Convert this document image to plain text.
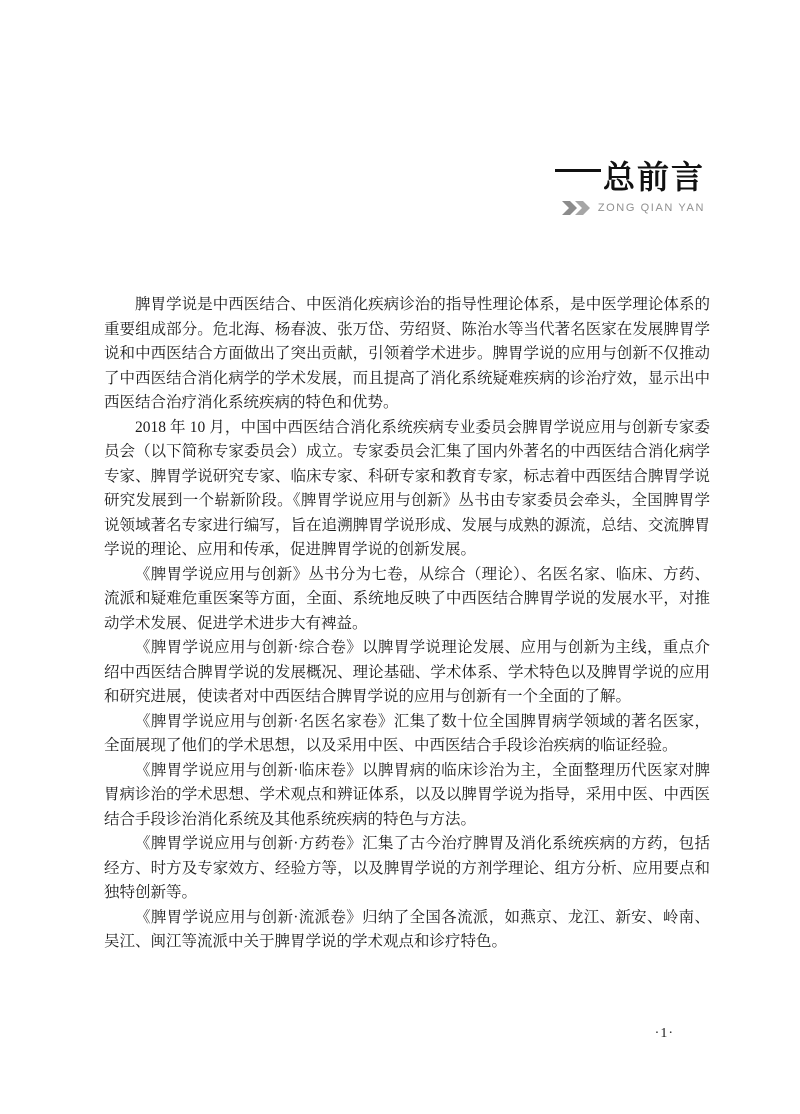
总前言
ZONG QIAN YAN

脾胃学说是中西医结合、中医消化疾病诊治的指导性理论体系，是中医学理论体系的重要组成部分。危北海、杨春波、张万岱、劳绍贤、陈治水等当代著名医家在发展脾胃学说和中西医结合方面做出了突出贡献，引领着学术进步。脾胃学说的应用与创新不仅推动了中西医结合消化病学的学术发展，而且提高了消化系统疑难疾病的诊治疗效，显示出中西医结合治疗消化系统疾病的特色和优势。

2018 年 10 月，中国中西医结合消化系统疾病专业委员会脾胃学说应用与创新专家委员会（以下简称专家委员会）成立。专家委员会汇集了国内外著名的中西医结合消化病学专家、脾胃学说研究专家、临床专家、科研专家和教育专家，标志着中西医结合脾胃学说研究发展到一个崭新阶段。《脾胃学说应用与创新》丛书由专家委员会牵头，全国脾胃学说领域著名专家进行编写，旨在追溯脾胃学说形成、发展与成熟的源流，总结、交流脾胃学说的理论、应用和传承，促进脾胃学说的创新发展。

《脾胃学说应用与创新》丛书分为七卷，从综合（理论）、名医名家、临床、方药、流派和疑难危重医案等方面，全面、系统地反映了中西医结合脾胃学说的发展水平，对推动学术发展、促进学术进步大有裨益。

《脾胃学说应用与创新·综合卷》以脾胃学说理论发展、应用与创新为主线，重点介绍中西医结合脾胃学说的发展概况、理论基础、学术体系、学术特色以及脾胃学说的应用和研究进展，使读者对中西医结合脾胃学说的应用与创新有一个全面的了解。

《脾胃学说应用与创新·名医名家卷》汇集了数十位全国脾胃病学领域的著名医家，全面展现了他们的学术思想，以及采用中医、中西医结合手段诊治疾病的临证经验。

《脾胃学说应用与创新·临床卷》以脾胃病的临床诊治为主，全面整理历代医家对脾胃病诊治的学术思想、学术观点和辨证体系，以及以脾胃学说为指导，采用中医、中西医结合手段诊治消化系统及其他系统疾病的特色与方法。

《脾胃学说应用与创新·方药卷》汇集了古今治疗脾胃及消化系统疾病的方药，包括经方、时方及专家效方、经验方等，以及脾胃学说的方剂学理论、组方分析、应用要点和独特创新等。

《脾胃学说应用与创新·流派卷》归纳了全国各流派，如燕京、龙江、新安、岭南、吴江、闽江等流派中关于脾胃学说的学术观点和诊疗特色。

·1·
